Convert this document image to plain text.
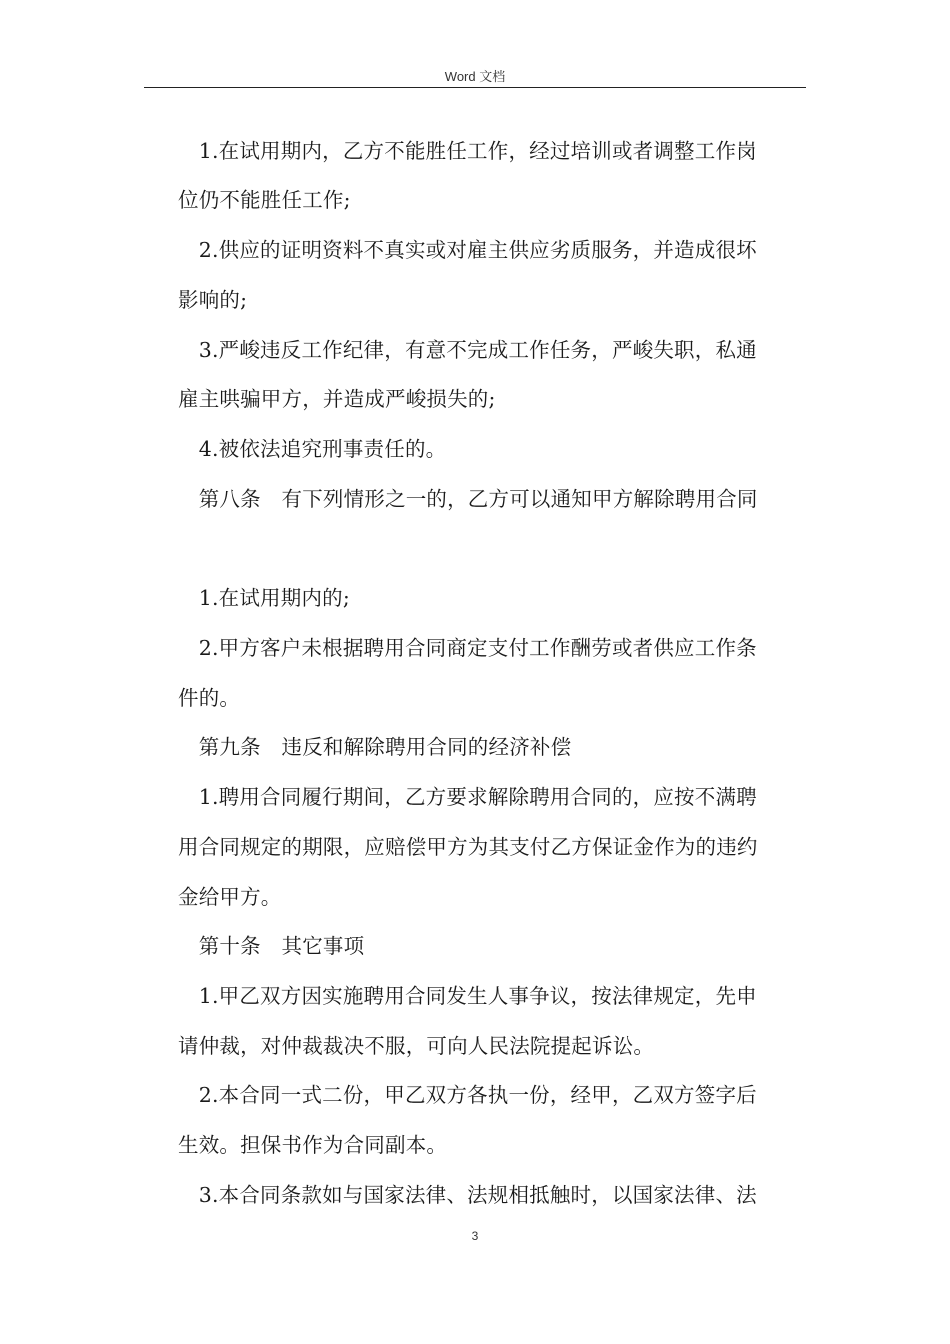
Word 文档
　1.在试用期内，乙方不能胜任工作，经过培训或者调整工作岗
位仍不能胜任工作;
　2.供应的证明资料不真实或对雇主供应劣质服务，并造成很坏
影响的;
　3.严峻违反工作纪律，有意不完成工作任务，严峻失职，私通
雇主哄骗甲方，并造成严峻损失的;
　4.被依法追究刑事责任的。
　第八条　有下列情形之一的，乙方可以通知甲方解除聘用合同
　1.在试用期内的;
　2.甲方客户未根据聘用合同商定支付工作酬劳或者供应工作条
件的。
　第九条　违反和解除聘用合同的经济补偿
　1.聘用合同履行期间，乙方要求解除聘用合同的，应按不满聘
用合同规定的期限，应赔偿甲方为其支付乙方保证金作为的违约
金给甲方。
　第十条　其它事项
　1.甲乙双方因实施聘用合同发生人事争议，按法律规定，先申
请仲裁，对仲裁裁决不服，可向人民法院提起诉讼。
　2.本合同一式二份，甲乙双方各执一份，经甲，乙双方签字后
生效。担保书作为合同副本。
　3.本合同条款如与国家法律、法规相抵触时，以国家法律、法
3
